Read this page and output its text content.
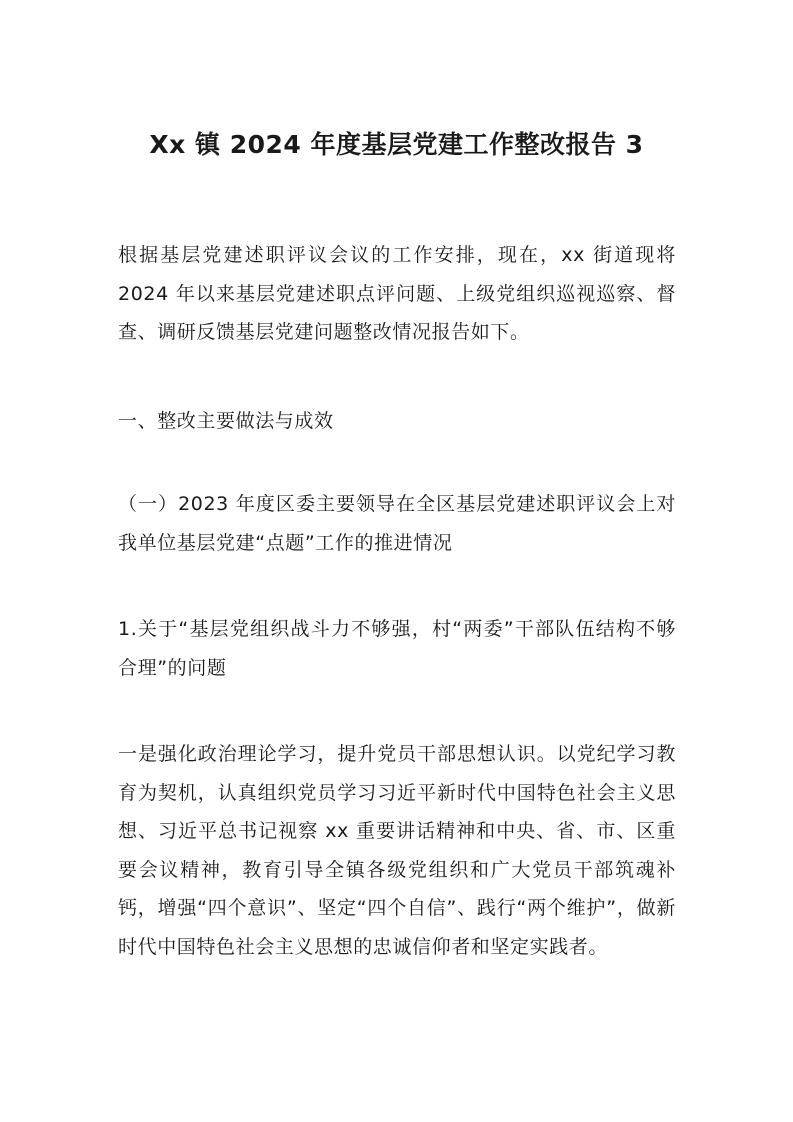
Xx 镇 2024 年度基层党建工作整改报告 3

根据基层党建述职评议会议的工作安排，现在，xx 街道现将 2024 年以来基层党建述职点评问题、上级党组织巡视巡察、督查、调研反馈基层党建问题整改情况报告如下。

一、整改主要做法与成效

（一）2023 年度区委主要领导在全区基层党建述职评议会上对我单位基层党建“点题”工作的推进情况

1.关于“基层党组织战斗力不够强，村“两委”干部队伍结构不够合理”的问题

一是强化政治理论学习，提升党员干部思想认识。以党纪学习教育为契机，认真组织党员学习习近平新时代中国特色社会主义思想、习近平总书记视察 xx 重要讲话精神和中央、省、市、区重要会议精神，教育引导全镇各级党组织和广大党员干部筑魂补钙，增强“四个意识”、坚定“四个自信”、践行“两个维护”，做新时代中国特色社会主义思想的忠诚信仰者和坚定实践者。
